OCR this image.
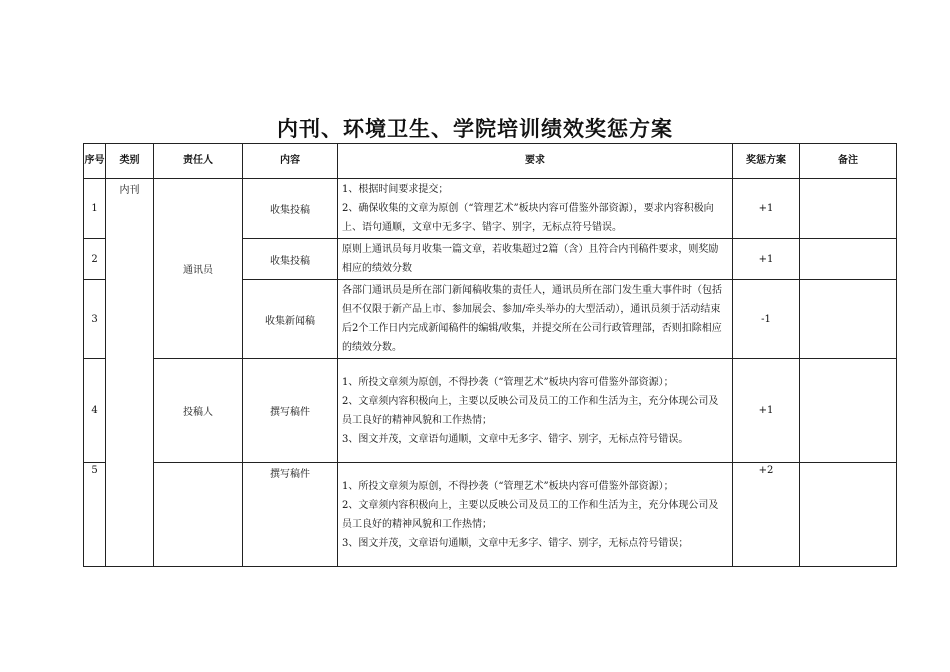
内刊、环境卫生、学院培训绩效奖惩方案
序号	类别	责任人	内容	要求	奖惩方案	备注
1	内刊	通讯员	收集投稿	1、根据时间要求提交；
2、确保收集的文章为原创（“管理艺术”板块内容可借鉴外部资源），要求内容积极向上、语句通顺，文章中无多字、错字、别字，无标点符号错误。	+1	
2			收集投稿	原则上通讯员每月收集一篇文章，若收集超过2篇（含）且符合内刊稿件要求，则奖励相应的绩效分数	+1	
3			收集新闻稿	各部门通讯员是所在部门新闻稿收集的责任人，通讯员所在部门发生重大事件时（包括但不仅限于新产品上市、参加展会、参加/牵头举办的大型活动），通讯员须于活动结束后2个工作日内完成新闻稿件的编辑/收集，并提交所在公司行政管理部，否则扣除相应的绩效分数。	-1	
4		投稿人	撰写稿件	1、所投文章须为原创，不得抄袭（“管理艺术”板块内容可借鉴外部资源）；
2、文章须内容积极向上，主要以反映公司及员工的工作和生活为主，充分体现公司及员工良好的精神风貌和工作热情；
3、图文并茂，文章语句通顺，文章中无多字、错字、别字，无标点符号错误。	+1	
5			撰写稿件	1、所投文章须为原创，不得抄袭（“管理艺术”板块内容可借鉴外部资源）；
2、文章须内容积极向上，主要以反映公司及员工的工作和生活为主，充分体现公司及员工良好的精神风貌和工作热情；
3、图文并茂，文章语句通顺，文章中无多字、错字、别字，无标点符号错误；	+2	
